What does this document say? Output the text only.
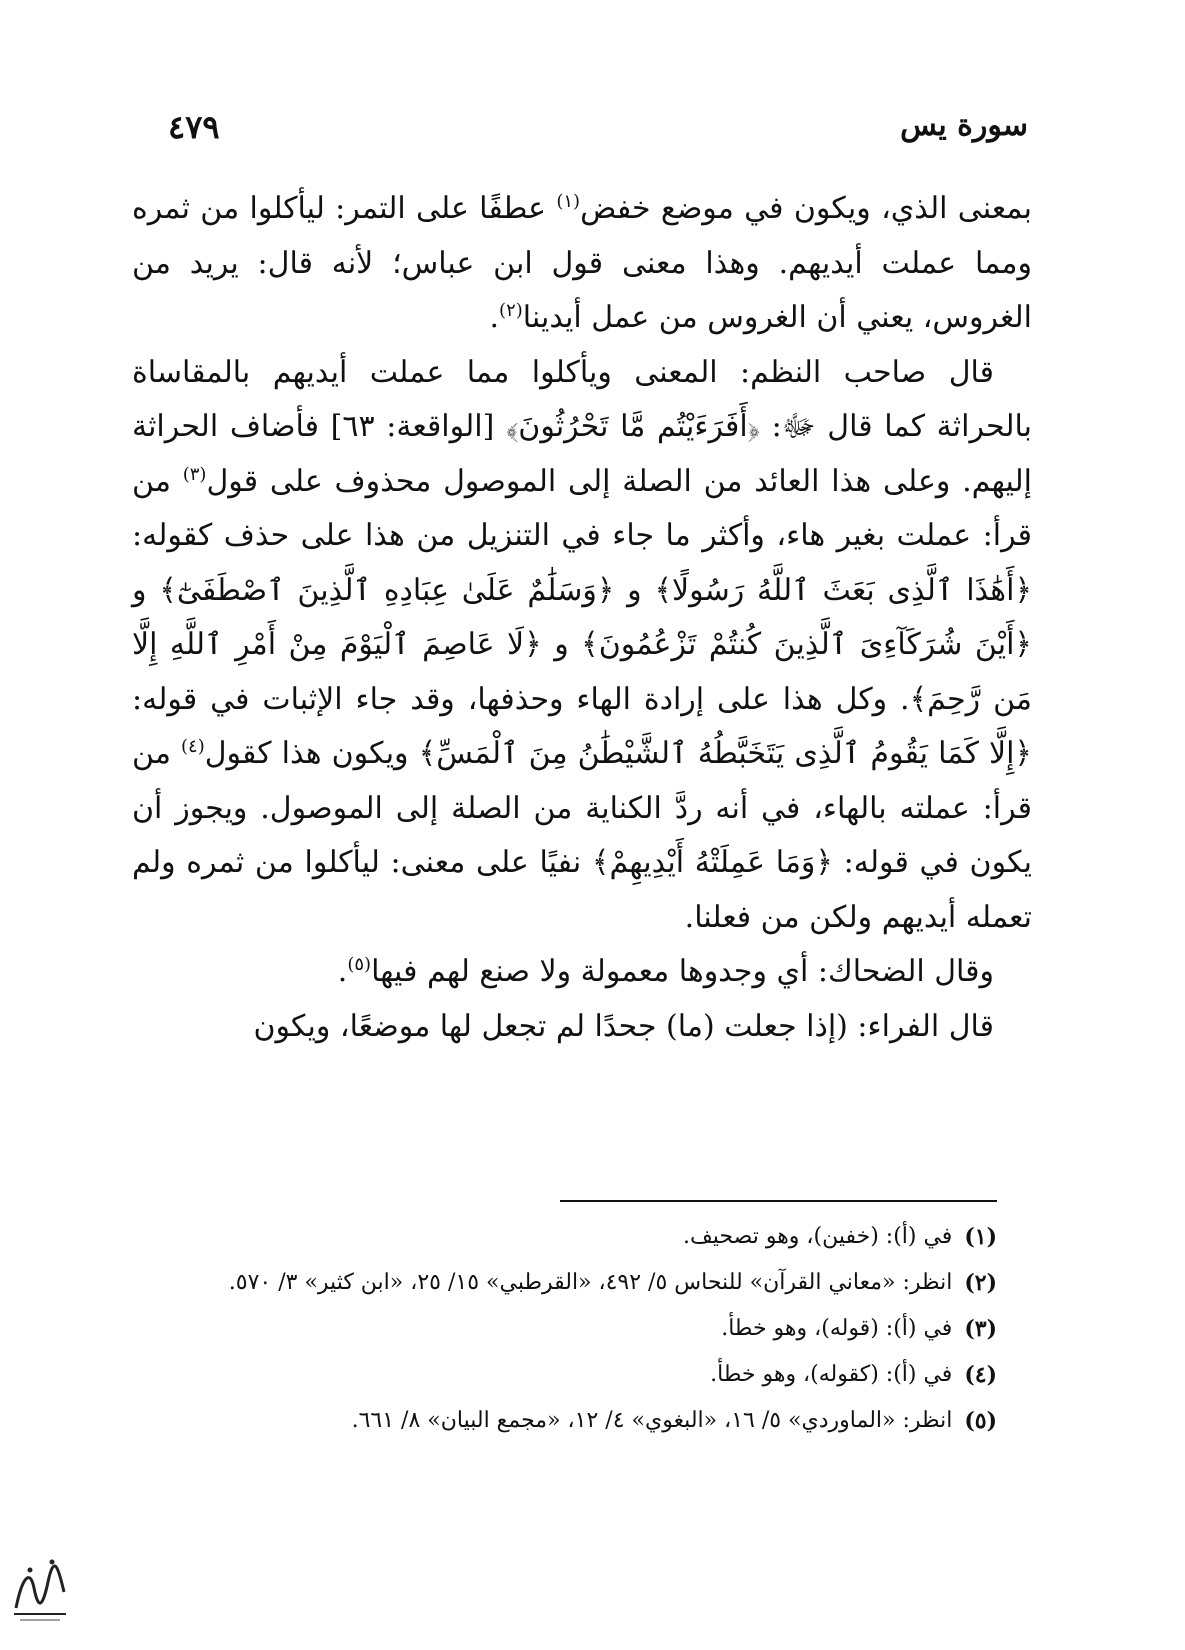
سورة يس
٤٧٩

بمعنى الذي، ويكون في موضع خفض$^{(١)}$ عطفًا على التمر: ليأكلوا من ثمره ومما عملت أيديهم. وهذا معنى قول ابن عباس؛ لأنه قال: يريد من الغروس، يعني أن الغروس من عمل أيدينا$^{(٢)}$.

قال صاحب النظم: المعنى ويأكلوا مما عملت أيديهم بالمقاساة بالحراثة كما قال ﷻ: ﴿أَفَرَءَيْتُم مَّا تَحْرُثُونَ﴾ [الواقعة: ٦٣] فأضاف الحراثة إليهم. وعلى هذا العائد من الصلة إلى الموصول محذوف على قول$^{(٣)}$ من قرأ: عملت بغير هاء، وأكثر ما جاء في التنزيل من هذا على حذف كقوله: ﴿أَهَٰذَا ٱلَّذِى بَعَثَ ٱللَّهُ رَسُولًا﴾ و ﴿وَسَلَٰمٌ عَلَىٰ عِبَادِهِ ٱلَّذِينَ ٱصْطَفَىٰٓ﴾ و ﴿أَيْنَ شُرَكَآءِىَ ٱلَّذِينَ كُنتُمْ تَزْعُمُونَ﴾ و ﴿لَا عَاصِمَ ٱلْيَوْمَ مِنْ أَمْرِ ٱللَّهِ إِلَّا مَن رَّحِمَ﴾. وكل هذا على إرادة الهاء وحذفها، وقد جاء الإثبات في قوله: ﴿إِلَّا كَمَا يَقُومُ ٱلَّذِى يَتَخَبَّطُهُ ٱلشَّيْطَٰنُ مِنَ ٱلْمَسِّ﴾ ويكون هذا كقول$^{(٤)}$ من قرأ: عملته بالهاء، في أنه ردَّ الكناية من الصلة إلى الموصول. ويجوز أن يكون في قوله: ﴿وَمَا عَمِلَتْهُ أَيْدِيهِمْ﴾ نفيًا على معنى: ليأكلوا من ثمره ولم تعمله أيديهم ولكن من فعلنا.

وقال الضحاك: أي وجدوها معمولة ولا صنع لهم فيها$^{(٥)}$.

قال الفراء: (إذا جعلت (ما) جحدًا لم تجعل لها موضعًا، ويكون

(١)
في (أ): (خفين)، وهو تصحيف.
(٢)
انظر: «معاني القرآن» للنحاس ٥/ ٤٩٢، «القرطبي» ١٥/ ٢٥، «ابن كثير» ٣/ ٥٧٠.
(٣)
في (أ): (قوله)، وهو خطأ.
(٤)
في (أ): (كقوله)، وهو خطأ.
(٥)
انظر: «الماوردي» ٥/ ١٦، «البغوي» ٤/ ١٢، «مجمع البيان» ٨/ ٦٦١.
